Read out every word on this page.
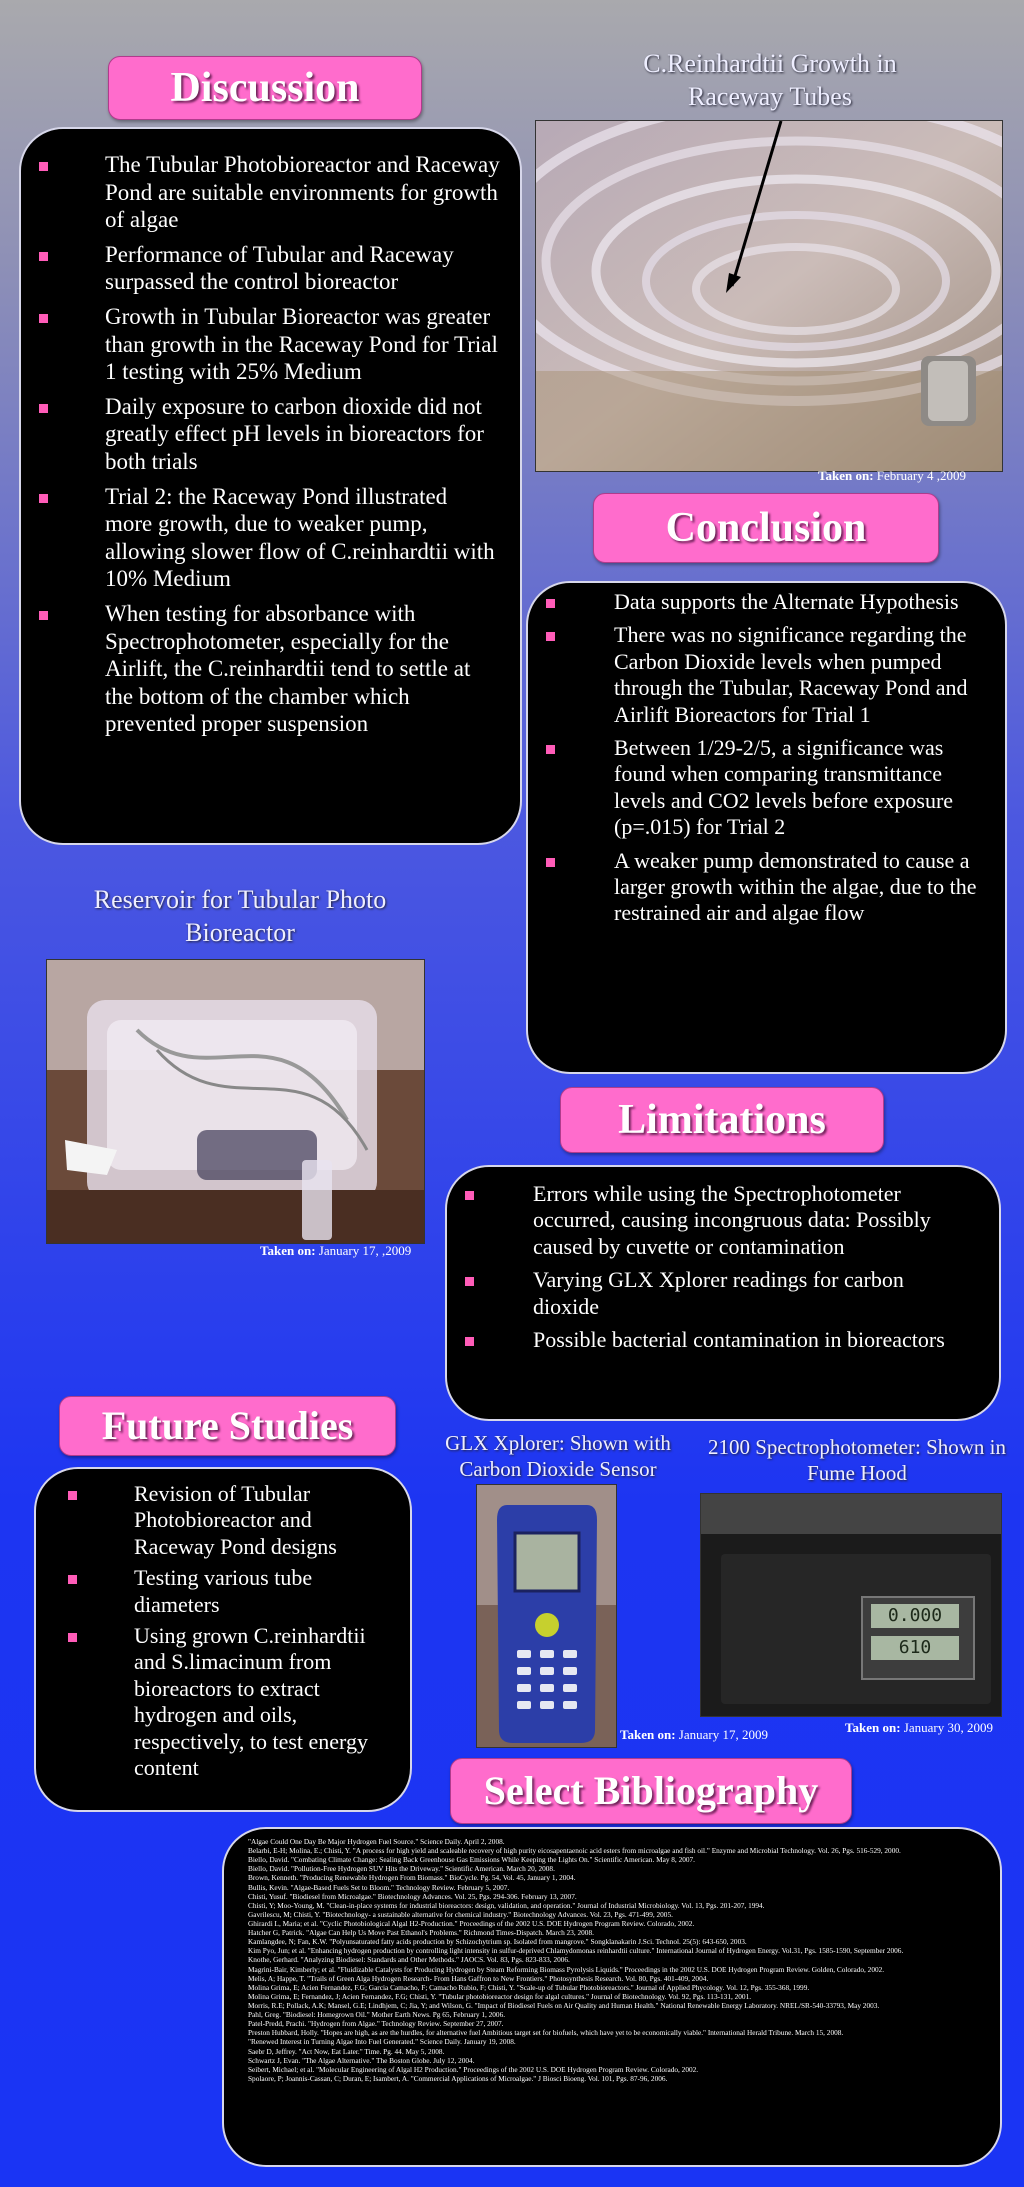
Discussion
The Tubular Photobioreactor and Raceway Pond are suitable environments for growth of algae
Performance of Tubular and Raceway surpassed the control bioreactor
Growth in Tubular Bioreactor was greater than growth in the Raceway Pond for Trial 1 testing with 25% Medium
Daily exposure to carbon dioxide did not greatly effect pH levels in bioreactors for both trials
Trial 2: the Raceway Pond illustrated more growth, due to weaker pump, allowing slower flow of C.reinhardtii with 10% Medium
When testing for absorbance with Spectrophotometer, especially for the Airlift, the C.reinhardtii tend to settle at the bottom of the chamber which prevented proper suspension
C.Reinhardtii Growth in Raceway Tubes
Taken on: February 4 ,2009
Conclusion
Data supports the Alternate Hypothesis
There was no significance regarding the Carbon Dioxide levels when pumped through the Tubular, Raceway Pond and Airlift Bioreactors for Trial 1
Between 1/29-2/5, a significance was found when comparing transmittance levels and CO2 levels before exposure (p=.015) for Trial 2
A weaker pump demonstrated to cause a larger growth within the algae, due to the restrained air and algae flow
Reservoir for Tubular Photo Bioreactor
Taken on: January 17, ,2009
Limitations
Errors while using the Spectrophotometer occurred, causing incongruous data: Possibly caused by cuvette or contamination
Varying GLX Xplorer readings for carbon dioxide
Possible bacterial contamination in bioreactors
Future Studies
Revision of Tubular Photobioreactor and Raceway Pond designs
Testing various tube diameters
Using grown C.reinhardtii and S.limacinum from bioreactors to extract hydrogen and oils, respectively, to test energy content
GLX Xplorer: Shown with Carbon Dioxide Sensor
Taken on: January 17, 2009
2100 Spectrophotometer: Shown in Fume Hood
0.000
610
Taken on: January 30, 2009
Select Bibliography

"Algae Could One Day Be Major Hydrogen Fuel Source." Science Daily. April 2, 2008.

Belarbi, E-H; Molina, E.; Chisti, Y. "A process for high yield and scaleable recovery of high purity eicosapentaenoic acid esters from microalgae and fish oil." Enzyme and Microbial Technology. Vol. 26, Pgs. 516-529, 2000.

Biello, David. "Combating Climate Change: Sealing Back Greenhouse Gas Emissions While Keeping the Lights On." Scientific American. May 8, 2007.

Biello, David. "Pollution-Free Hydrogen SUV Hits the Driveway." Scientific American. March 20, 2008.

Brown, Kenneth. "Producing Renewable Hydrogen From Biomass." BioCycle. Pg. 54, Vol. 45, January 1, 2004.

Bullis, Kevin. "Algae-Based Fuels Set to Bloom." Technology Review. February 5, 2007.

Chisti, Yusuf. "Biodiesel from Microalgae." Biotechnology Advances. Vol. 25, Pgs. 294-306. February 13, 2007.

Chisti, Y; Moo-Young, M. "Clean-in-place systems for industrial bioreactors: design, validation, and operation." Journal of Industrial Microbiology. Vol. 13, Pgs. 201-207, 1994.

Gavrilescu, M; Chisti, Y. "Biotechnology- a sustainable alternative for chemical industry." Biotechnology Advances. Vol. 23, Pgs. 471-499, 2005.

Ghirardi L, Maria; et al. "Cyclic Photobiological Algal H2-Production." Proceedings of the 2002 U.S. DOE Hydrogen Program Review. Colorado, 2002.

Hatcher G, Patrick. "Algae Can Help Us Move Past Ethanol's Problems." Richmond Times-Dispatch. March 23, 2008.

Kamlangdee, N; Fan, K.W. "Polyunsaturated fatty acids production by Schizochytrium sp. Isolated from mangrove." Songklanakarin J.Sci. Technol. 25(5): 643-650, 2003.

Kim Pyo, Jun; et al. "Enhancing hydrogen production by controlling light intensity in sulfur-deprived Chlamydomonas reinhardtii culture." International Journal of Hydrogen Energy. Vol.31, Pgs. 1585-1590, September 2006.

Knothe, Gerhard. "Analyzing Biodiesel: Standards and Other Methods." JAOCS. Vol. 83, Pgs. 823-833, 2006.

Magrini-Bair, Kimberly; et al. "Fluidizable Catalysts for Producing Hydrogen by Steam Reforming Biomass Pyrolysis Liquids." Proceedings in the 2002 U.S. DOE Hydrogen Program Review. Golden, Colorado, 2002.

Melis, A; Happe, T. "Trails of Green Alga Hydrogen Research- From Hans Gaffron to New Frontiers." Photosynthesis Research. Vol. 80, Pgs. 401-409, 2004.

Molina Grima, E; Acien Fernandez, F.G; Garcia Camacho, F; Camacho Rubio, F; Chisti, Y. "Scale-up of Tubular Photobioreactors." Journal of Applied Phycology. Vol. 12, Pgs. 355-368, 1999.

Molina Grima, E; Fernandez, J; Acien Fernandez, F.G; Chisti, Y. "Tubular photobioreactor design for algal cultures." Journal of Biotechnology. Vol. 92, Pgs. 113-131, 2001.

Morris, R.E; Pollack, A.K; Mansel, G.E; Lindhjem, C; Jia, Y; and Wilson, G. "Impact of Biodiesel Fuels on Air Quality and Human Health." National Renewable Energy Laboratory. NREL/SR-540-33793, May 2003.

Pahl, Greg. "Biodiesel: Homegrown Oil." Mother Earth News. Pg 65, February 1, 2006.

Patel-Predd, Prachi. "Hydrogen from Algae." Technology Review. September 27, 2007.

Preston Hubbard, Holly. "Hopes are high, as are the hurdles, for alternative fuel Ambitious target set for biofuels, which have yet to be economically viable." International Herald Tribune. March 15, 2008.

"Renewed Interest in Turning Algae Into Fuel Generated." Science Daily. January 19, 2008.

Saebr D, Jeffrey. "Act Now, Eat Later." Time. Pg. 44. May 5, 2008.

Schwartz J, Evan. "The Algae Alternative." The Boston Globe. July 12, 2004.

Seibert, Michael; et al. "Molecular Engineering of Algal H2 Production." Proceedings of the 2002 U.S. DOE Hydrogen Program Review. Colorado, 2002.

Spolaore, P; Joannis-Cassan, C; Duran, E; Isambert, A. "Commercial Applications of Microalgae." J Biosci Bioeng. Vol. 101, Pgs. 87-96, 2006.
